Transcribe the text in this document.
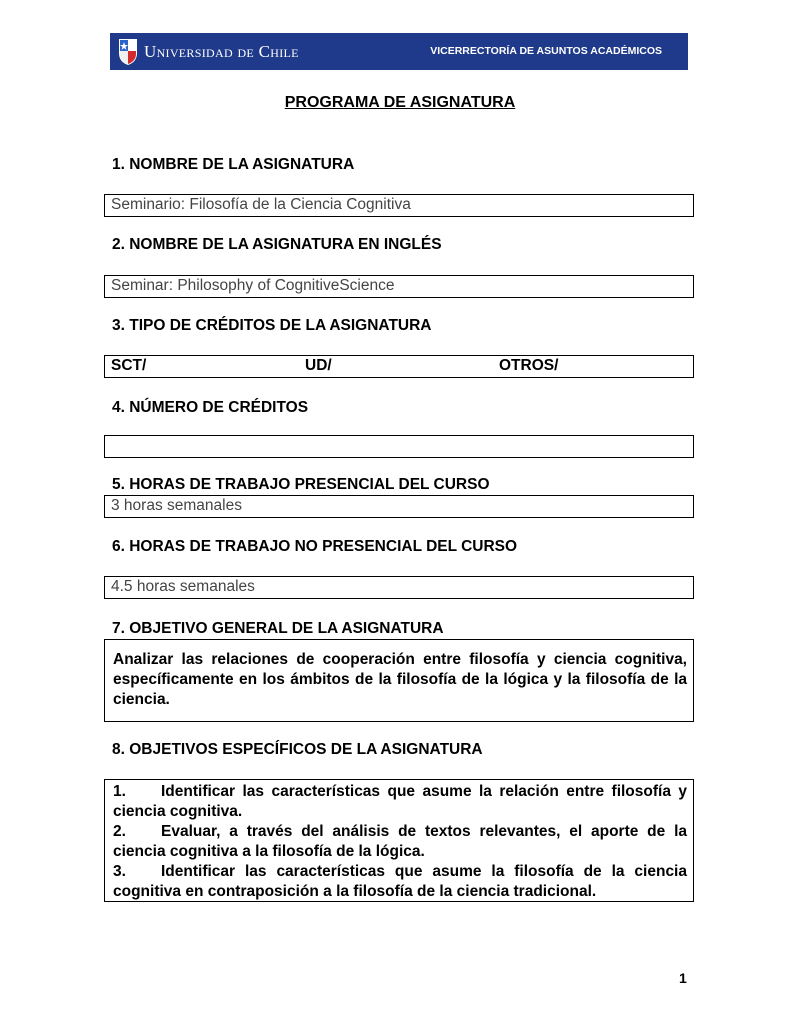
Universidad de Chile	VICERRECTORÍA DE ASUNTOS ACADÉMICOS
PROGRAMA DE ASIGNATURA
1. NOMBRE DE LA ASIGNATURA
Seminario: Filosofía de la Ciencia Cognitiva
2. NOMBRE DE LA ASIGNATURA EN INGLÉS
Seminar: Philosophy of CognitiveScience
3. TIPO DE CRÉDITOS DE LA ASIGNATURA
SCT/	UD/	OTROS/
4. NÚMERO DE CRÉDITOS
5. HORAS DE TRABAJO PRESENCIAL DEL CURSO
3 horas semanales
6. HORAS DE TRABAJO NO PRESENCIAL DEL CURSO
4.5 horas semanales
7. OBJETIVO GENERAL DE LA ASIGNATURA
Analizar las relaciones de cooperación entre filosofía y ciencia cognitiva, específicamente en los ámbitos de la filosofía de la lógica y la filosofía de la ciencia.
8. OBJETIVOS ESPECÍFICOS DE LA ASIGNATURA

1. Identificar las características que asume la relación entre filosofía y ciencia cognitiva.

2. Evaluar, a través del análisis de textos relevantes, el aporte de la ciencia cognitiva a la filosofía de la lógica.

3. Identificar las características que asume la filosofía de la ciencia cognitiva en contraposición a la filosofía de la ciencia tradicional.

1
